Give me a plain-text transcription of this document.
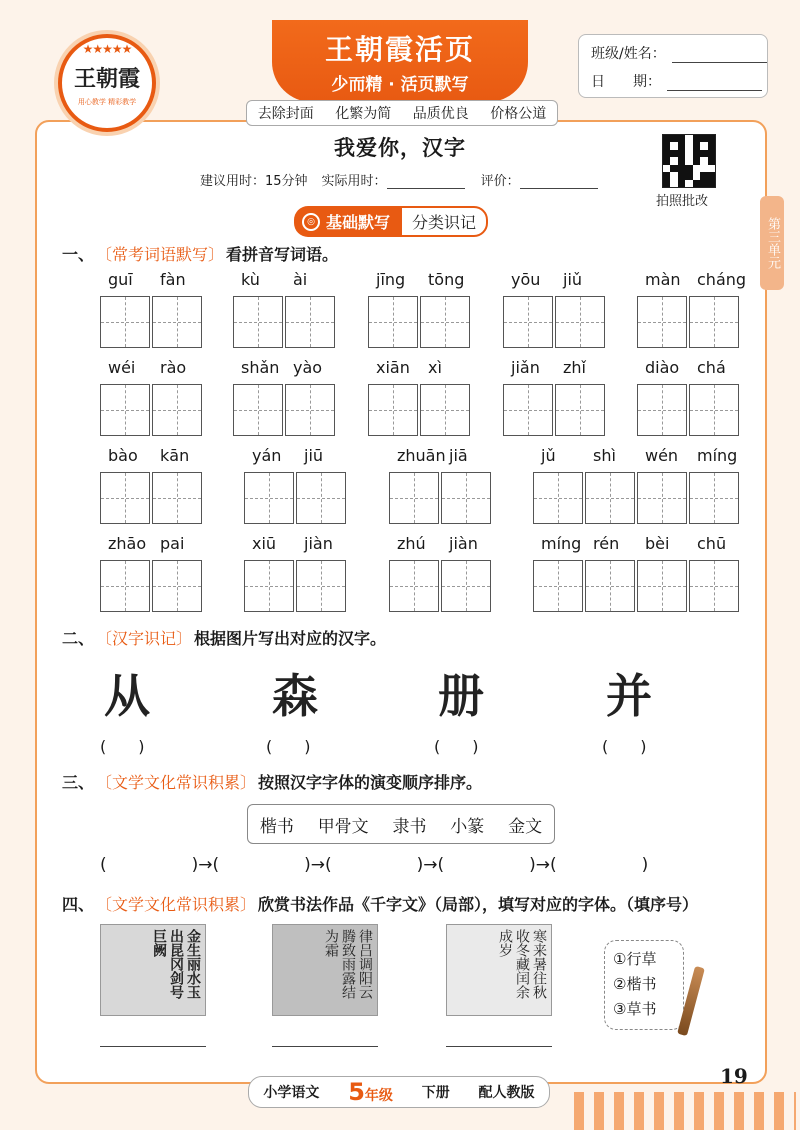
★★★★★
王朝霞
用心教学 精彩教学
王朝霞活页
少而精 · 活页默写
班级/姓名：
日　　期：
去除封面 化繁为简 品质优良 价格公道
我爱你，汉字
建议用时：15分钟 实际用时：	评价：
拍照批改
第三单元
◎ 基础默写	分类识记
一、 〔常考词语默写〕 看拼音写词语。
guī fàn	kù ài	jīng tōng	yōu jiǔ	màn cháng
wéi rào	shǎn yào	xiān xì	jiǎn zhǐ	diào chá
bào kān	yán jiū	zhuān jiā	jǔ shì wén míng
zhāo pai	xiū jiàn	zhú jiàn	míng rén bèi chū
二、 〔汉字识记〕 根据图片写出对应的汉字。
从	森	册	并
(　　)	(　　)	(　　)	(　　)
三、 〔文学文化常识积累〕 按照汉字字体的演变顺序排序。
楷书 甲骨文 隶书 小篆 金文
(　　　　　)→(　　　　　)→(　　　　　)→(　　　　　)→(　　　　　)
四、 〔文学文化常识积累〕 欣赏书法作品《千字文》（局部），填写对应的字体。（填序号）
金生丽水玉出昆冈剑号巨阙	律吕调阳云腾致雨露结为霜	寒来暑往秋收冬藏闰余成岁
①行草
②楷书
③草书
19
小学语文 5年级 下册 配人教版
